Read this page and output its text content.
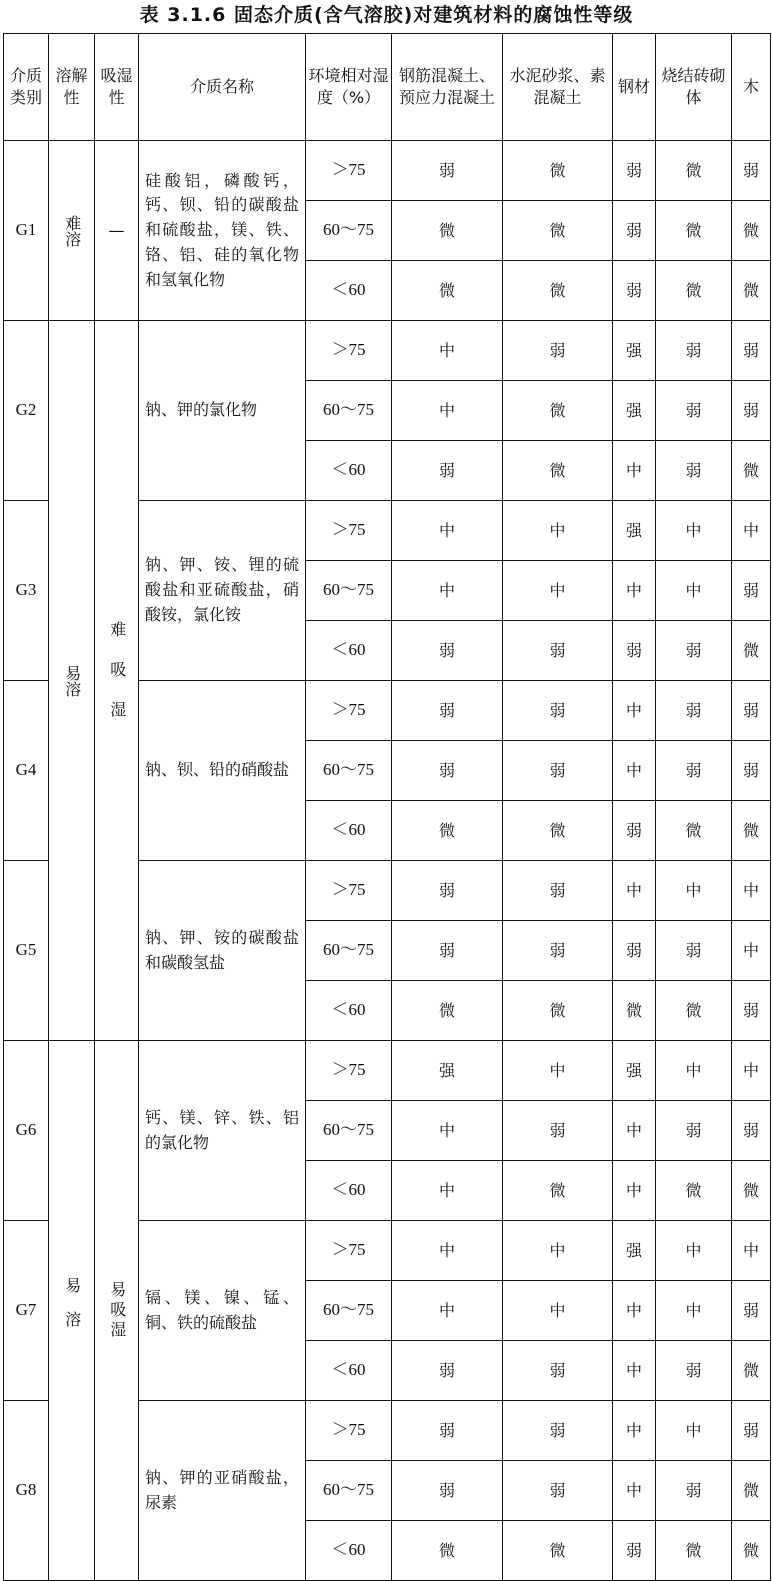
表 3.1.6 固态介质(含气溶胶)对建筑材料的腐蚀性等级
介质类别	溶解性	吸湿性	介质名称	环境相对湿度（%）	钢筋混凝土、预应力混凝土	水泥砂浆、素混凝土	钢材	烧结砖砌体	木
G1	难溶	—	硅酸铝，磷酸钙，钙、钡、铅的碳酸盐和硫酸盐，镁、铁、铬、铝、硅的氧化物和氢氧化物	＞75	弱	微	弱	微	弱
				60～75	微	微	弱	微	微
				＜60	微	微	弱	微	微
G2	易溶	难吸湿	钠、钾的氯化物	＞75	中	弱	强	弱	弱
				60～75	中	微	强	弱	弱
				＜60	弱	微	中	弱	微
G3			钠、钾、铵、锂的硫酸盐和亚硫酸盐，硝酸铵，氯化铵	＞75	中	中	强	中	中
				60～75	中	中	中	中	弱
				＜60	弱	弱	弱	弱	微
G4			钠、钡、铅的硝酸盐	＞75	弱	弱	中	弱	弱
				60～75	弱	弱	中	弱	弱
				＜60	微	微	弱	微	微
G5			钠、钾、铵的碳酸盐和碳酸氢盐	＞75	弱	弱	中	中	中
				60～75	弱	弱	弱	弱	中
				＜60	微	微	微	微	弱
G6	易溶	易吸湿	钙、镁、锌、铁、铝的氯化物	＞75	强	中	强	中	中
				60～75	中	弱	中	弱	弱
				＜60	中	微	中	微	微
G7			镉、镁、镍、锰、铜、铁的硫酸盐	＞75	中	中	强	中	中
				60～75	中	中	中	中	弱
				＜60	弱	弱	中	弱	微
G8			钠、钾的亚硝酸盐，尿素	＞75	弱	弱	中	中	弱
				60～75	弱	弱	中	弱	微
				＜60	微	微	弱	微	微
